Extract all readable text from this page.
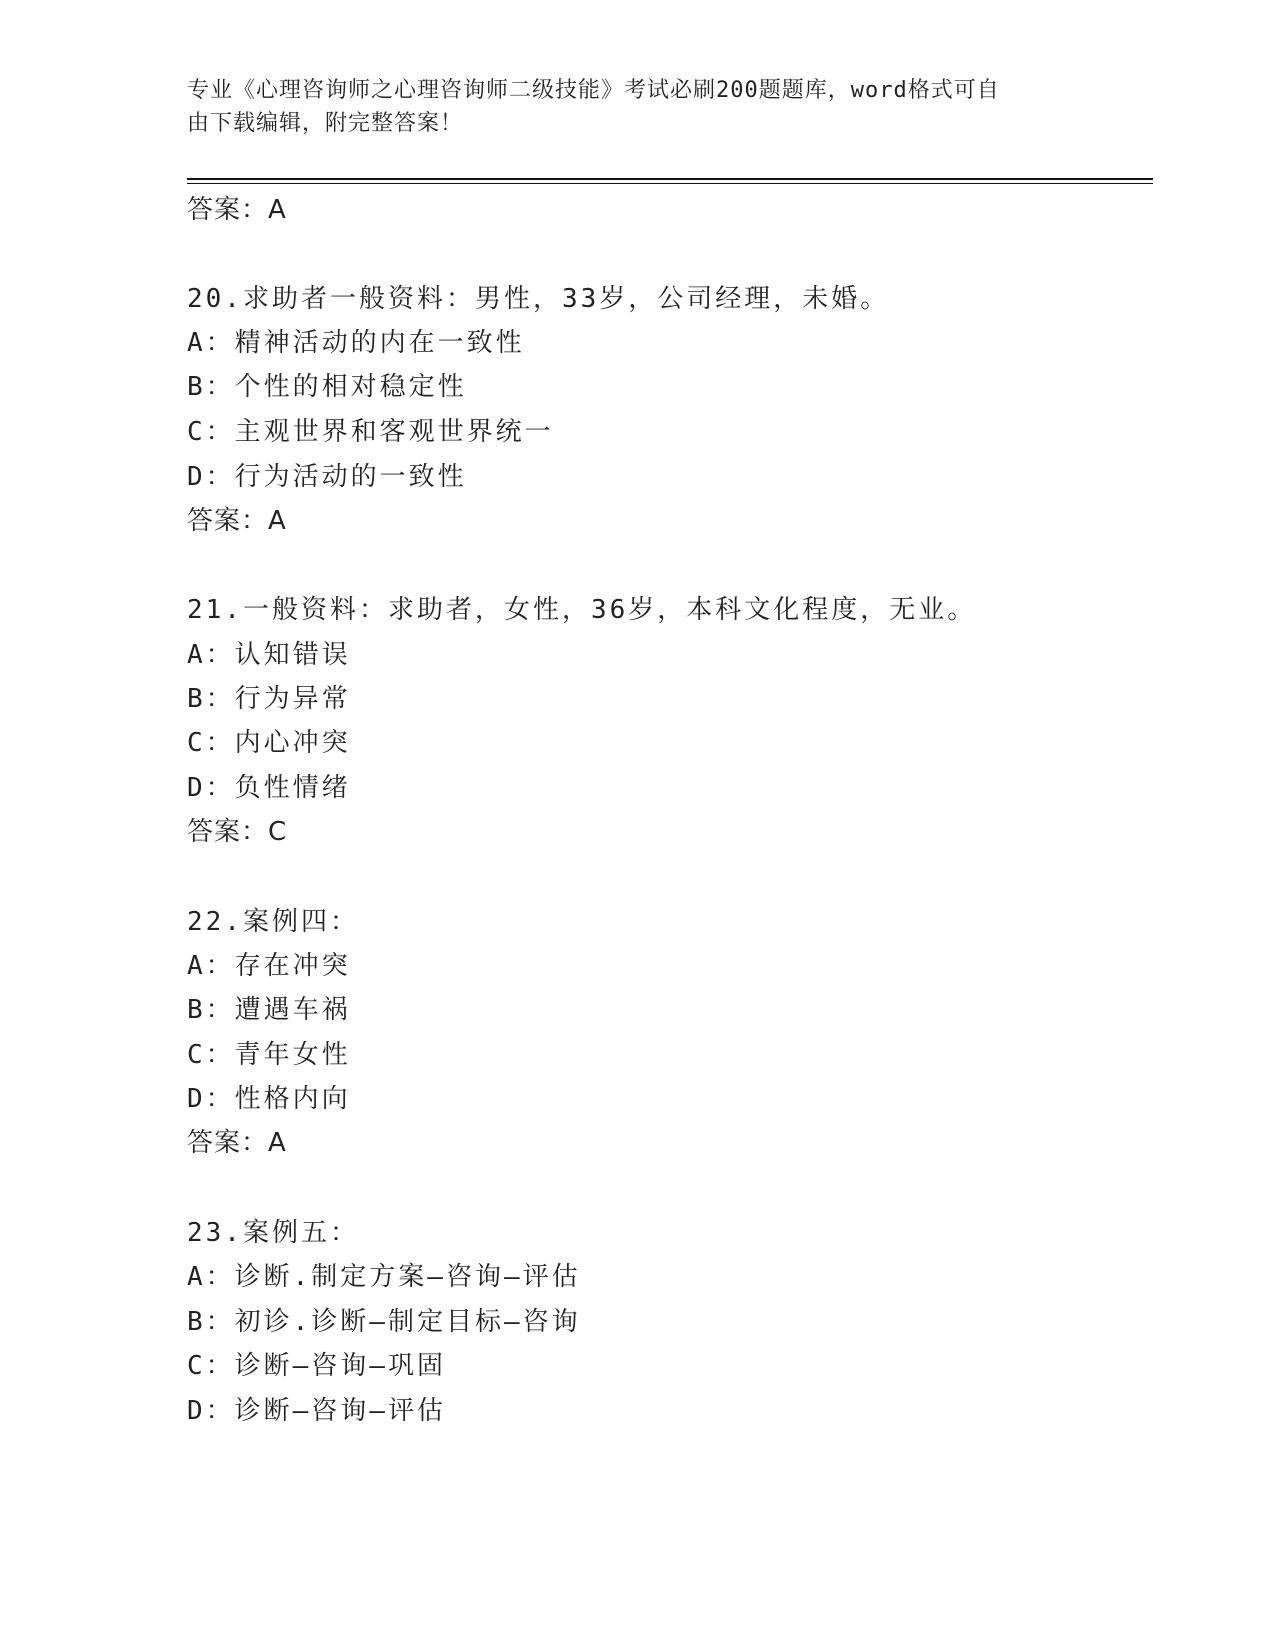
专业《心理咨询师之心理咨询师二级技能》考试必刷200题题库，word格式可自
由下载编辑，附完整答案！
答案：A
20.求助者一般资料：男性，33岁，公司经理，未婚。
A：精神活动的内在一致性
B：个性的相对稳定性
C：主观世界和客观世界统一
D：行为活动的一致性
答案：A
21.一般资料：求助者，女性，36岁，本科文化程度，无业。
A：认知错误
B：行为异常
C：内心冲突
D：负性情绪
答案：C
22.案例四：
A：存在冲突
B：遭遇车祸
C：青年女性
D：性格内向
答案：A
23.案例五：
A：诊断.制定方案—咨询—评估
B：初诊.诊断—制定目标—咨询
C：诊断—咨询—巩固
D：诊断—咨询—评估
